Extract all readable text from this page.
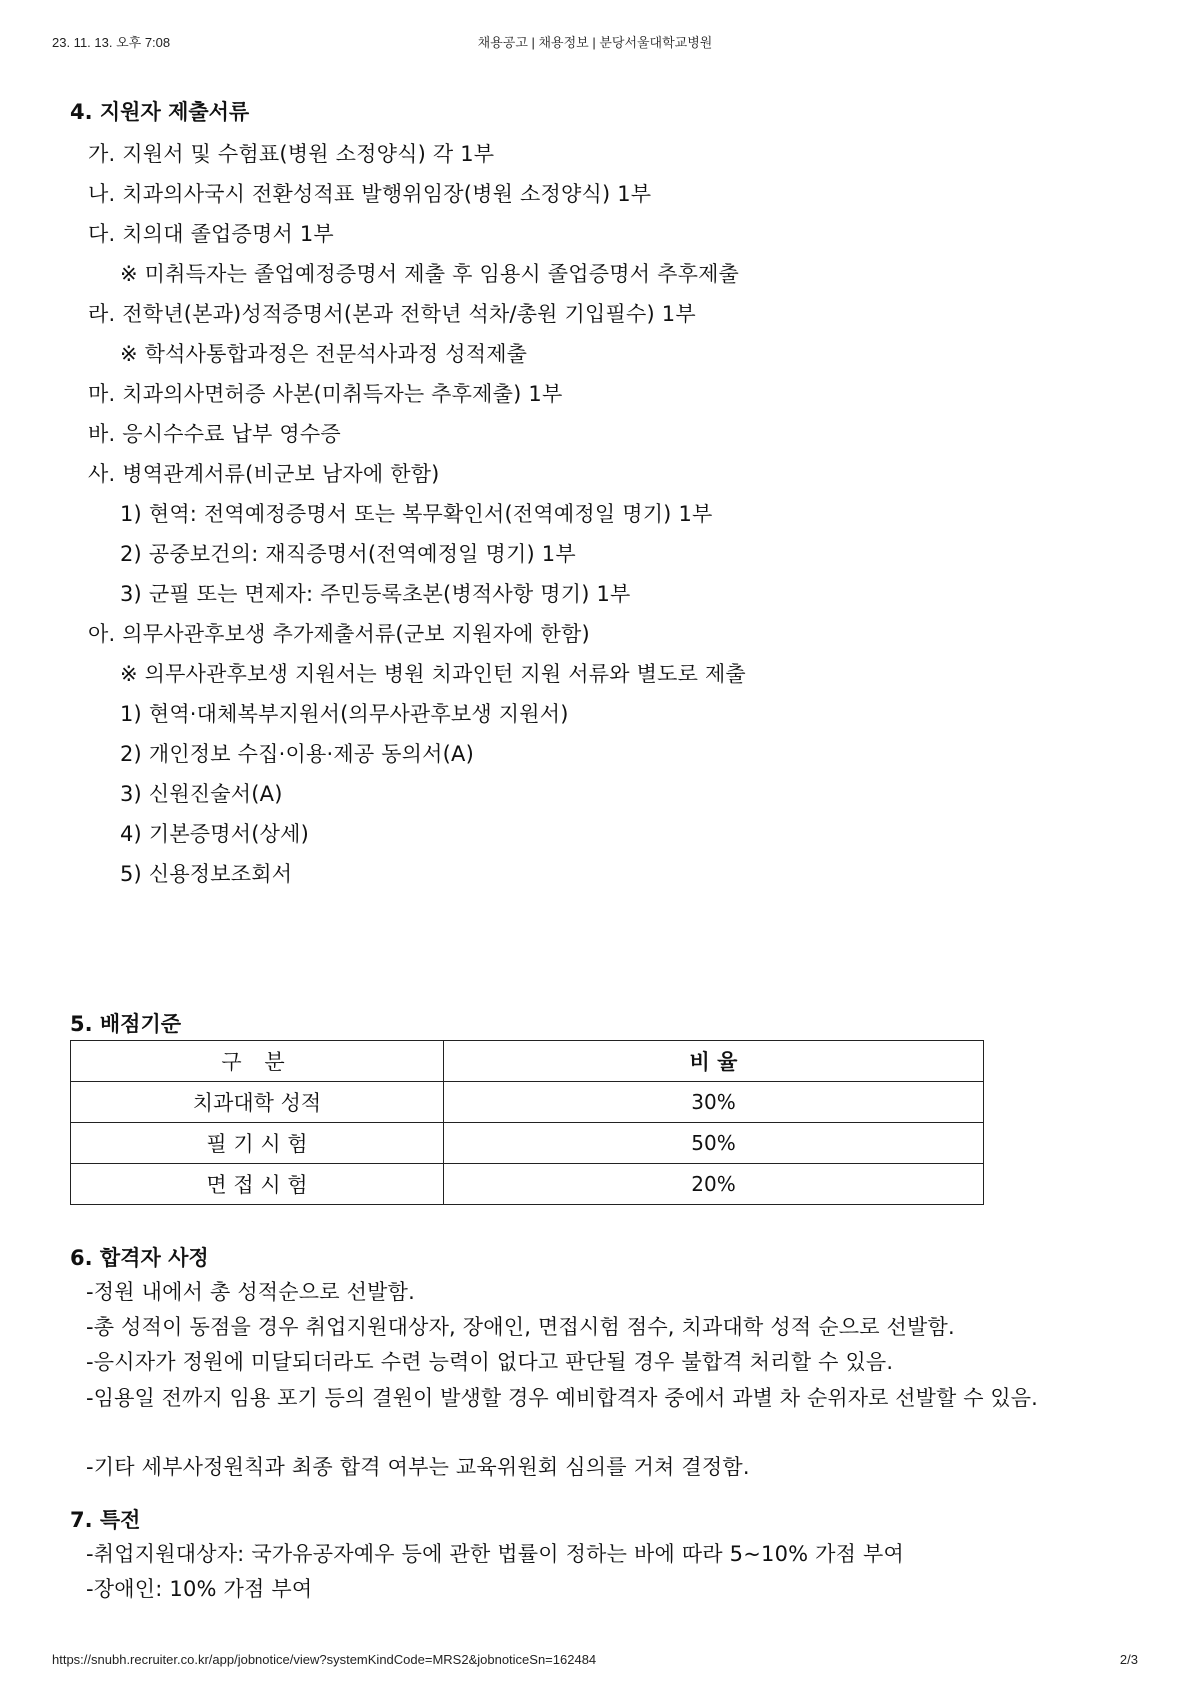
23. 11. 13. 오후 7:08	채용공고 | 채용정보 | 분당서울대학교병원
4. 지원자 제출서류
가. 지원서 및 수험표(병원 소정양식) 각 1부
나. 치과의사국시 전환성적표 발행위임장(병원 소정양식) 1부
다. 치의대 졸업증명서 1부
※ 미취득자는 졸업예정증명서 제출 후 임용시 졸업증명서 추후제출
라. 전학년(본과)성적증명서(본과 전학년 석차/총원 기입필수) 1부
※ 학석사통합과정은 전문석사과정 성적제출
마. 치과의사면허증 사본(미취득자는 추후제출) 1부
바. 응시수수료 납부 영수증
사. 병역관계서류(비군보 남자에 한함)
1) 현역: 전역예정증명서 또는 복무확인서(전역예정일 명기) 1부
2) 공중보건의: 재직증명서(전역예정일 명기) 1부
3) 군필 또는 면제자: 주민등록초본(병적사항 명기) 1부
아. 의무사관후보생 추가제출서류(군보 지원자에 한함)
※ 의무사관후보생 지원서는 병원 치과인턴 지원 서류와 별도로 제출
1) 현역·대체복부지원서(의무사관후보생 지원서)
2) 개인정보 수집·이용·제공 동의서(A)
3) 신원진술서(A)
4) 기본증명서(상세)
5) 신용정보조회서
5. 배점기준
구 분	비 율
치과대학 성적	30%
필 기 시 험	50%
면 접 시 험	20%
6. 합격자 사정
-정원 내에서 총 성적순으로 선발함.
-총 성적이 동점을 경우 취업지원대상자, 장애인, 면접시험 점수, 치과대학 성적 순으로 선발함.
-응시자가 정원에 미달되더라도 수련 능력이 없다고 판단될 경우 불합격 처리할 수 있음.
-임용일 전까지 임용 포기 등의 결원이 발생할 경우 예비합격자 중에서 과별 차 순위자로 선발할 수 있음.
-기타 세부사정원칙과 최종 합격 여부는 교육위원회 심의를 거쳐 결정함.
7. 특전
-취업지원대상자: 국가유공자예우 등에 관한 법률이 정하는 바에 따라 5~10% 가점 부여
-장애인: 10% 가점 부여
https://snubh.recruiter.co.kr/app/jobnotice/view?systemKindCode=MRS2&jobnoticeSn=162484	2/3
